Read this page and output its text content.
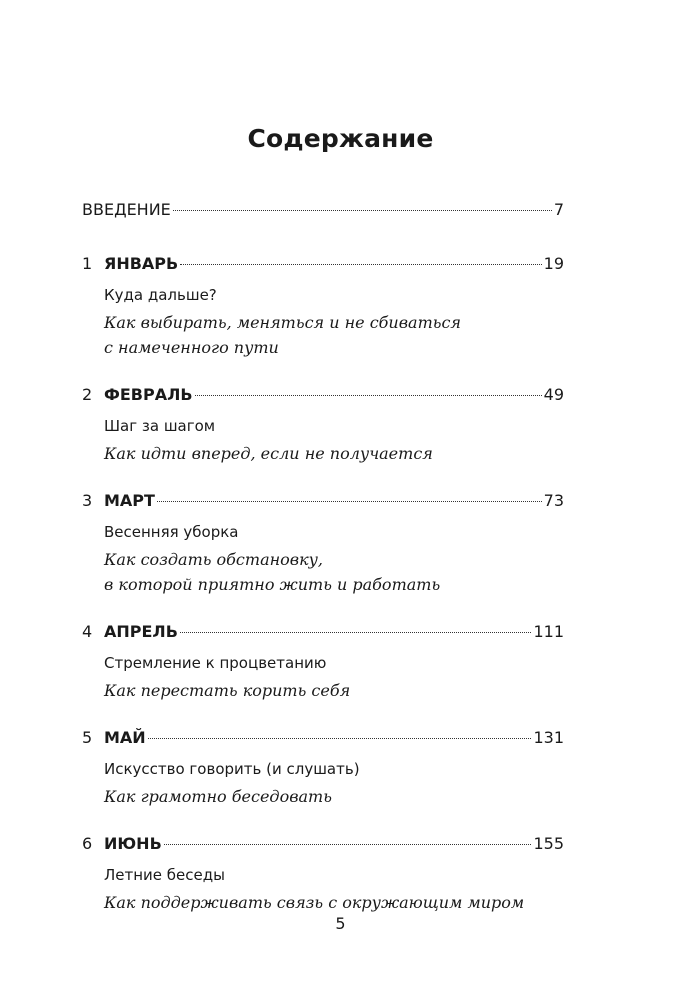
Содержание
ВВЕДЕНИЕ	7
1 ЯНВАРЬ	19
Куда дальше?
Как выбирать, меняться и не сбиваться
с намеченного пути
2 ФЕВРАЛЬ	49
Шаг за шагом
Как идти вперед, если не получается
3 МАРТ	73
Весенняя уборка
Как создать обстановку,
в которой приятно жить и работать
4 АПРЕЛЬ	111
Стремление к процветанию
Как перестать корить себя
5 МАЙ	131
Искусство говорить (и слушать)
Как грамотно беседовать
6 ИЮНЬ	155
Летние беседы
Как поддерживать связь с окружающим миром
5
